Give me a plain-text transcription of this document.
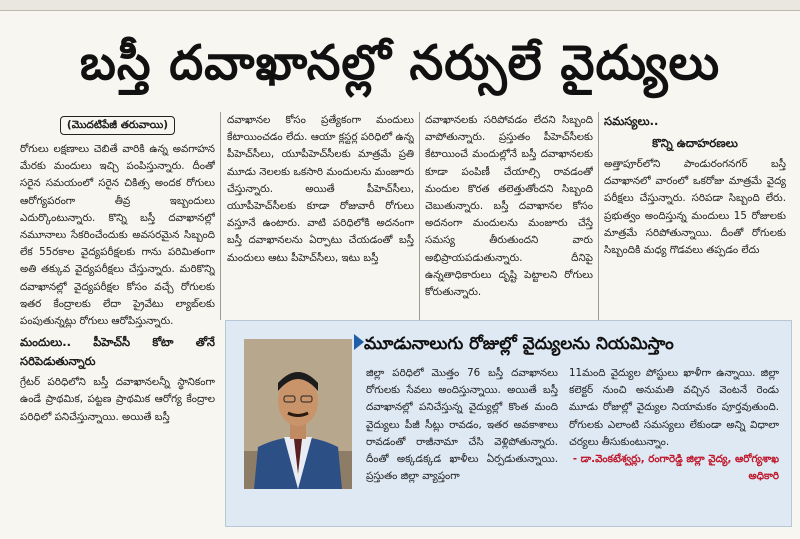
బస్తీ దవాఖానల్లో నర్సులే వైద్యులు
(మొదటిపేజీ తరువాయి)

రోగులు లక్షణాలు చెబితే వారికి ఉన్న అవగాహన మేరకు మందులు ఇచ్చి పంపిస్తున్నారు. దీంతో సరైన సమయంలో సరైన చికిత్స అందక రోగులు ఆరోగ్యపరంగా తీవ్ర ఇబ్బందులు ఎదుర్కొంటున్నారు. కొన్ని బస్తీ దవాఖానల్లో నమూనాలు సేకరించేందుకు అవసరమైన సిబ్బంది లేక 55రకాల వైద్యపరీక్షలకు గాను పరిమితంగా అతి తక్కువ వైద్యపరీక్షలు చేస్తున్నారు. మరికొన్ని దవాఖానల్లో వైద్యపరీక్షల కోసం వచ్చే రోగులకు ఇతర కేంద్రాలకు లేదా ప్రైవేటు ల్యాబ్‌లకు పంపుతున్నట్లు రోగులు ఆరోపిస్తున్నారు.

మందులు.. పీహెచ్‌సీ కోటా తోనే సరిపెడుతున్నారు

గ్రేటర్ పరిధిలోని బస్తీ దవాఖానలన్నీ స్థానికంగా ఉండే ప్రాథమిక, పట్టణ ప్రాథమిక ఆరోగ్య కేంద్రాల పరిధిలో పనిచేస్తున్నాయి. అయితే బస్తీ

దవాఖానల కోసం ప్రత్యేకంగా మందులు కేటాయించడం లేదు. ఆయా క్లస్టర్ల పరిధిలో ఉన్న పీహెచ్‌సీలు, యూపీహెచ్‌సీలకు మాత్రమే ప్రతి మూడు నెలలకు ఒకసారి మందులను మంజూరు చేస్తున్నారు. అయితే పీహెచ్‌సీలు, యూపీహెచ్‌సీలకు కూడా రోజువారీ రోగులు వస్తూనే ఉంటారు. వాటి పరిధిలోకి అదనంగా బస్తీ దవాఖానలను ఏర్పాటు చేయడంతో బస్తీ మందులు ఆటు పీహెచ్‌సీలు, ఇటు బస్తీ

దవాఖానలకు సరిపోవడం లేదని సిబ్బంది వాపోతున్నారు. ప్రస్తుతం పీహెచ్‌సీలకు కేటాయించే మందుల్లోనే బస్తీ దవాఖానలకు కూడా పంపిణీ చేయాల్సి రావడంతో మందుల కొరత తలెత్తుతోందని సిబ్బంది చెబుతున్నారు. బస్తీ దవాఖానల కోసం అదనంగా మందులను మంజూరు చేస్తే సమస్య తీరుతుందని వారు అభిప్రాయపడుతున్నారు. దీనిపై ఉన్నతాధికారులు దృష్టి పెట్టాలని రోగులు కోరుతున్నారు.

సమస్యలు..
కొన్ని ఉదాహరణలు

అత్తాపూర్‌లోని పాండురంగనగర్ బస్తీ దవాఖానలో వారంలో ఒకరోజు మాత్రమే వైద్య పరీక్షలు చేస్తున్నారు. సరిపడా సిబ్బంది లేరు. ప్రభుత్వం అందిస్తున్న మందులు 15 రోజులకు మాత్రమే సరిపోతున్నాయి. దీంతో రోగులకు సిబ్బందికి మధ్య గొడవలు తప్పడం లేదు

మూడునాలుగు రోజుల్లో వైద్యులను నియమిస్తాం

జిల్లా పరిధిలో మొత్తం 76 బస్తీ దవాఖానలు రోగులకు సేవలు అందిస్తున్నాయి. అయితే బస్తీ దవాఖానల్లో పనిచేస్తున్న వైద్యుల్లో కొంత మంది వైద్యులు పీజీ సీట్లు రావడం, ఇతర అవకాశాలు రావడంతో రాజీనామా చేసి వెళ్లిపోతున్నారు. దీంతో అక్కడక్కడ ఖాళీలు ఏర్పడుతున్నాయి. ప్రస్తుతం జిల్లా వ్యాప్తంగా

11మంది వైద్యుల పోస్టులు ఖాళీగా ఉన్నాయి. జిల్లా కలెక్టర్ నుంచి అనుమతి వచ్చిన వెంటనే రెండు మూడు రోజుల్లో వైద్యుల నియామకం పూర్తవుతుంది. రోగులకు ఎలాంటి సమస్యలు లేకుండా అన్ని విధాలా చర్యలు తీసుకుంటున్నాం.

- డా.వెంకటేశ్వర్లు, రంగారెడ్డి జిల్లా వైద్య, ఆరోగ్యశాఖ అధికారి
